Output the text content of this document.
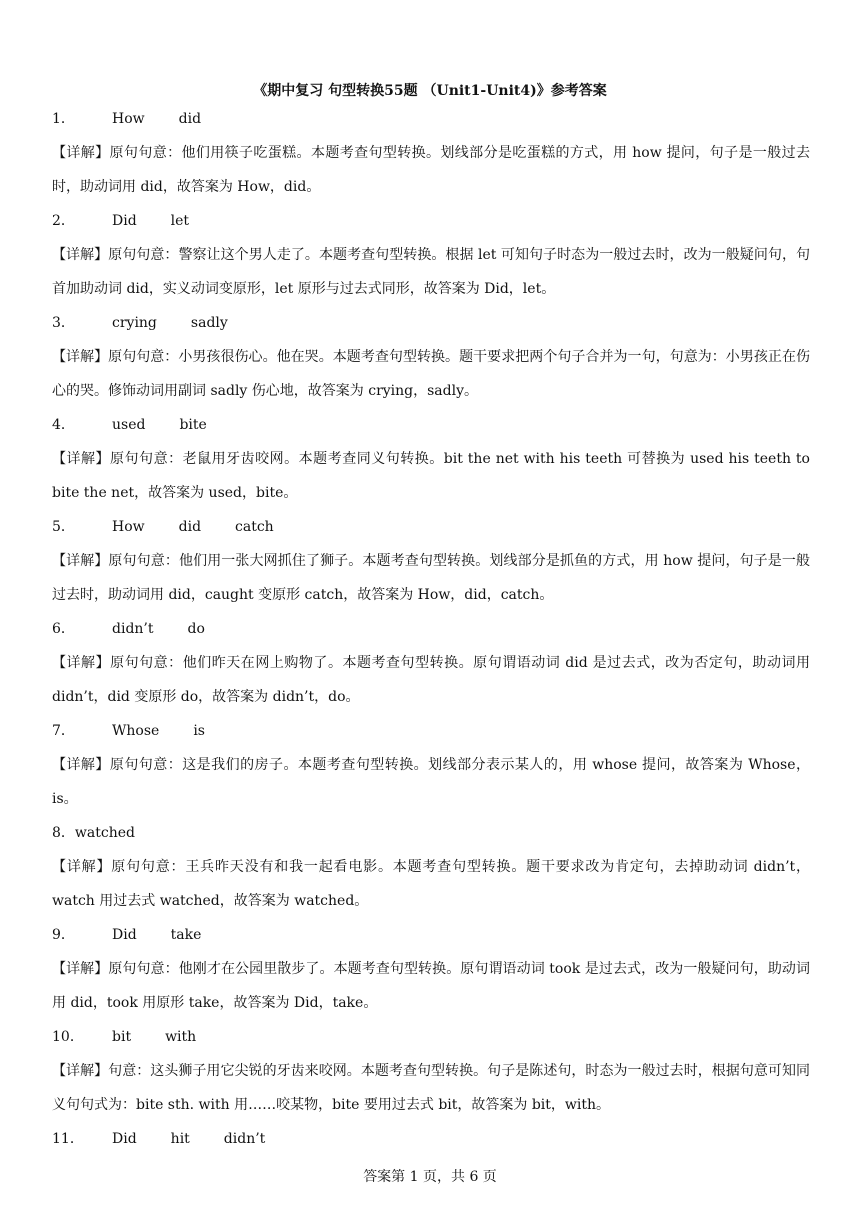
《期中复习 句型转换55题 （Unit1-Unit4)》参考答案
1．	How did
【详解】原句句意：他们用筷子吃蛋糕。本题考查句型转换。划线部分是吃蛋糕的方式，用 how 提问，句子是一般过去时，助动词用 did，故答案为 How，did。
2．	Did let
【详解】原句句意：警察让这个男人走了。本题考查句型转换。根据 let 可知句子时态为一般过去时，改为一般疑问句，句首加助动词 did，实义动词变原形，let 原形与过去式同形，故答案为 Did，let。
3．	crying sadly
【详解】原句句意：小男孩很伤心。他在哭。本题考查句型转换。题干要求把两个句子合并为一句，句意为：小男孩正在伤心的哭。修饰动词用副词 sadly 伤心地，故答案为 crying，sadly。
4．	used bite
【详解】原句句意：老鼠用牙齿咬网。本题考查同义句转换。bit the net with his teeth 可替换为 used his teeth to bite the net，故答案为 used，bite。
5．	How did catch
【详解】原句句意：他们用一张大网抓住了狮子。本题考查句型转换。划线部分是抓鱼的方式，用 how 提问，句子是一般过去时，助动词用 did，caught 变原形 catch，故答案为 How，did，catch。
6．	didn’t do
【详解】原句句意：他们昨天在网上购物了。本题考查句型转换。原句谓语动词 did 是过去式，改为否定句，助动词用 didn’t，did 变原形 do，故答案为 didn’t，do。
7．	Whose is
【详解】原句句意：这是我们的房子。本题考查句型转换。划线部分表示某人的，用 whose 提问，故答案为 Whose，is。
8． watched
【详解】原句句意：王兵昨天没有和我一起看电影。本题考查句型转换。题干要求改为肯定句，去掉助动词 didn’t，watch 用过去式 watched，故答案为 watched。
9．	Did take
【详解】原句句意：他刚才在公园里散步了。本题考查句型转换。原句谓语动词 took 是过去式，改为一般疑问句，助动词用 did，took 用原形 take，故答案为 Did，take。
10．	bit with
【详解】句意：这头狮子用它尖锐的牙齿来咬网。本题考查句型转换。句子是陈述句，时态为一般过去时，根据句意可知同义句句式为：bite sth. with 用……咬某物，bite 要用过去式 bit，故答案为 bit，with。
11．	Did hit didn’t
答案第 1 页，共 6 页
